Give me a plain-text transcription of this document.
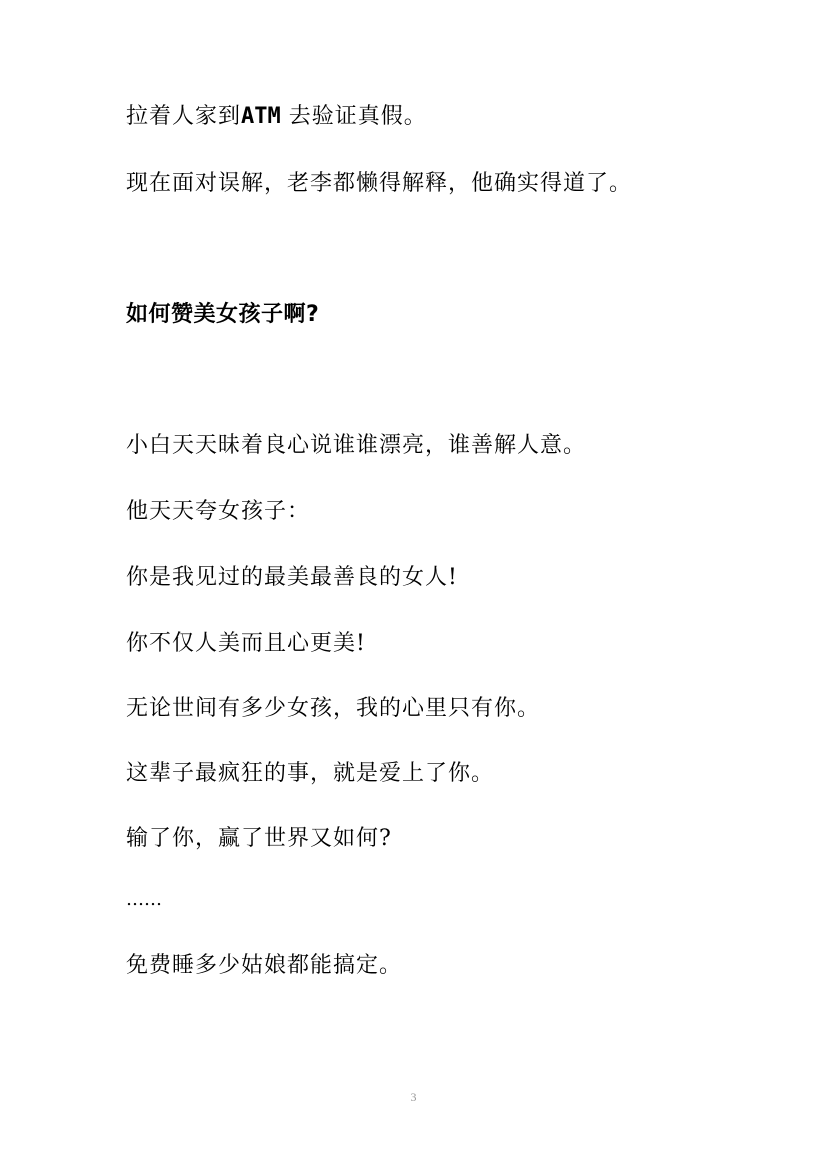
拉着人家到ATM 去验证真假。

现在面对误解，老李都懒得解释，他确实得道了。

如何赞美女孩子啊?

小白天天昧着良心说谁谁漂亮，谁善解人意。

他天天夸女孩子：

你是我见过的最美最善良的女人!

你不仅人美而且心更美!

无论世间有多少女孩，我的心里只有你。

这辈子最疯狂的事，就是爱上了你。

输了你，赢了世界又如何?

……

免费睡多少姑娘都能搞定。

3
